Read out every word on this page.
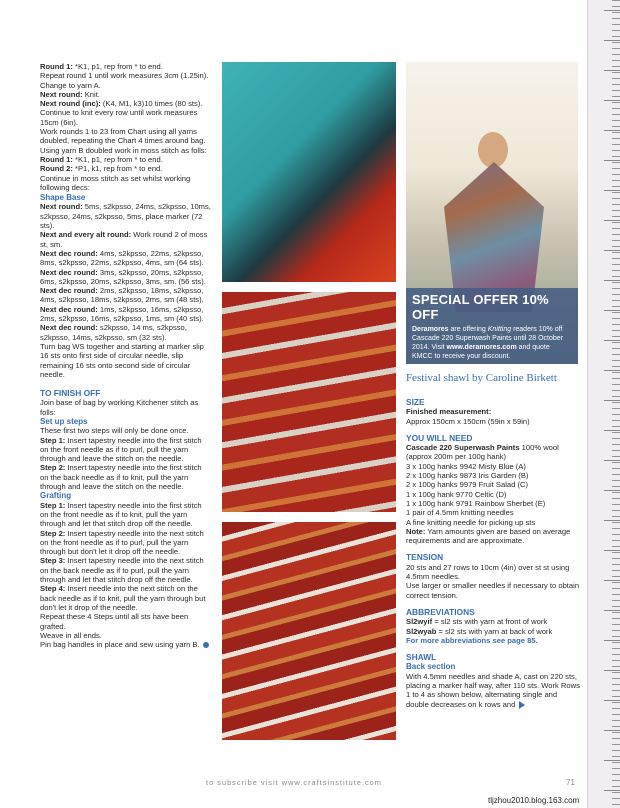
Round 1: *K1, p1, rep from * to end.

Repeat round 1 until work measures 3cm (1.25in).

Change to yarn A.

Next round: Knit.

Next round (inc): (K4, M1, k3)10 times (80 sts).

Continue to knit every row until work measures 15cm (6in).

Work rounds 1 to 23 from Chart using all yarns doubled, repeating the Chart 4 times around bag.

Using yarn B doubled work in moss stitch as folls:

Round 1: *K1, p1, rep from * to end.

Round 2: *P1, k1, rep from * to end.

Continue in moss stitch as set whilst working following decs:

Shape Base

Next round: 5ms, s2kpsso, 24ms, s2kpsso, 10ms, s2kpsso, 24ms, s2kpsso, 5ms, place marker (72 sts).

Next and every alt round: Work round 2 of moss st, sm.

Next dec round: 4ms, s2kpsso, 22ms, s2kpsso, 8ms, s2kpsso, 22ms, s2kpsso, 4ms, sm (64 sts).

Next dec round: 3ms, s2kpsso, 20ms, s2kpsso, 6ms, s2kpsso, 20ms, s2kpsso, 3ms, sm. (56 sts).

Next dec round: 2ms, s2kpsso, 18ms, s2kpsso, 4ms, s2kpsso, 18ms, s2kpsso, 2ms, sm (48 sts).

Next dec round: 1ms, s2kpsso, 16ms, s2kpsso, 2ms, s2kpsso, 16ms, s2kpsso, 1ms, sm (40 sts).

Next dec round: s2kpsso, 14 ms, s2kpsso, s2kpsso, 14ms, s2kpsso, sm (32 sts).

Turn bag WS together and starting at marker slip 16 sts onto first side of circular needle, slip remaining 16 sts onto second side of circular needle.

TO FINISH OFF

Join base of bag by working Kitchener stitch as folls:

Set up steps

These first two steps will only be done once.

Step 1: Insert tapestry needle into the first stitch on the front needle as if to purl, pull the yarn through and leave the stitch on the needle.

Step 2: Insert tapestry needle into the first stitch on the back needle as if to knit, pull the yarn through and leave the stitch on the needle.

Grafting

Step 1: Insert tapestry needle into the first stitch on the front needle as if to knit, pull the yarn through and let that stitch drop off the needle.

Step 2: Insert tapestry needle into the next stitch on the front needle as if to purl, pull the yarn through but don't let it drop off the needle.

Step 3: Insert tapestry needle into the next stitch on the back needle as if to purl, pull the yarn through and let that stitch drop off the needle.

Step 4: Insert needle into the next stitch on the back needle as if to knit, pull the yarn through but don't let it drop of the needle.

Repeat these 4 Steps until all sts have been grafted.

Weave in all ends.

Pin bag handles in place and sew using yarn B.

SPECIAL OFFER 10% OFF
Deramores are offering Knitting readers 10% off Cascade 220 Superwash Paints until 28 October 2014. Visit www.deramores.com and quote KMCC to receive your discount.
Festival shawl by Caroline Birkett

SIZE

Finished measurement:

Approx 150cm x 150cm (59in x 59in)

YOU WILL NEED

Cascade 220 Superwash Paints 100% wool (approx 200m per 100g hank)

3 x 100g hanks 9942 Misty Blue (A)

2 x 100g hanks 9873 Iris Garden (B)

2 x 100g hanks 9979 Fruit Salad (C)

1 x 100g hank 9770 Celtic (D)

1 x 100g hank 9791 Rainbow Sherbet (E)

1 pair of 4.5mm knitting needles

A fine knitting needle for picking up sts

Note: Yarn amounts given are based on average requirements and are approximate.

TENSION

20 sts and 27 rows to 10cm (4in) over st st using 4.5mm needles.

Use larger or smaller needles if necessary to obtain correct tension.

ABBREVIATIONS

Sl2wyif = sl2 sts with yarn at front of work

Sl2wyab = sl2 sts with yarn at back of work

For more abbreviations see page 85.

SHAWL

Back section

With 4.5mm needles and shade A, cast on 220 sts, placing a marker half way, after 110 sts. Work Rows 1 to 4 as shown below, alternating single and double decreases on k rows and

to subscribe visit www.craftsinstitute.com	71
tljzhou2010.blog.163.com
